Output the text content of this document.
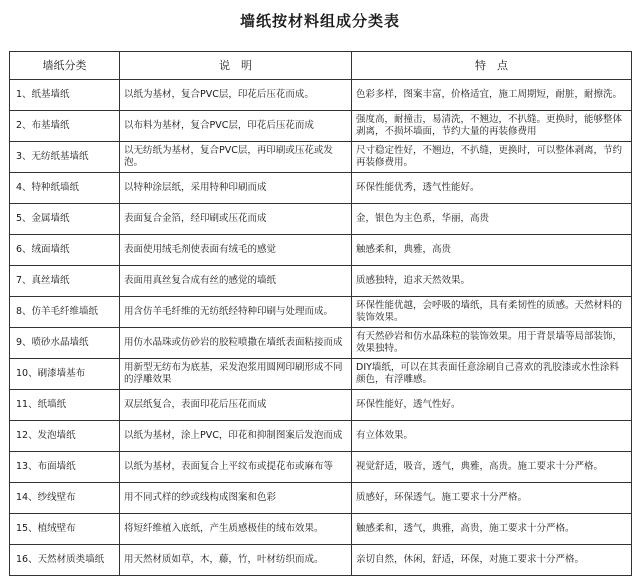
墙纸按材料组成分类表
墙纸分类	说　明	特　点
1、纸基墙纸	以纸为基材，复合PVC层，印花后压花而成。	色彩多样，图案丰富，价格适宜，施工周期短，耐脏，耐擦洗。
2、布基墙纸	以布料为基材，复合PVC层，印花后压花而成	强度高，耐撞击，易清洗，不翘边，不扒缝。更换时，能够整体剥离，不损坏墙面，节约大量的再装修费用
3、无纺纸基墙纸	以无纺纸为基材，复合PVC层，再印刷或压花或发泡。	尺寸稳定性好，不翘边，不扒缝，更换时，可以整体剥离，节约再装修费用。
4、特种纸墙纸	以特种涂层纸，采用特种印刷而成	环保性能优秀，透气性能好。
5、金属墙纸	表面复合金箔，经印刷或压花而成	金，银色为主色系，华丽，高贵
6、绒面墙纸	表面使用绒毛剂使表面有绒毛的感觉	触感柔和，典雅，高贵
7、真丝墙纸	表面用真丝复合成有丝的感觉的墙纸	质感独特，追求天然效果。
8、仿羊毛纤维墙纸	用含仿羊毛纤维的无纺纸经特种印刷与处理而成。	环保性能优越，会呼吸的墙纸，具有柔韧性的质感。天然材料的装饰效果。
9、喷砂水晶墙纸	用仿水晶珠或仿砂岩的胶粒喷撒在墙纸表面粘接而成	有天然砂岩和仿水晶珠粒的装饰效果。用于背景墙等局部装饰，效果独特。
10、刷漆墙基布	用新型无纺布为底基，采发泡浆用圆网印刷形成不同的浮雕效果	DIY墙纸，可以在其表面任意涂刷自己喜欢的乳胶漆或水性涂料颜色，有浮雕感。
11、纸墙纸	双层纸复合，表面印花后压花而成	环保性能好，透气性好。
12、发泡墙纸	以纸为基材，涂上PVC，印花和抑制图案后发泡而成	有立体效果。
13、布面墙纸	以纸为基材，表面复合上平纹布或提花布或麻布等	视觉舒适，吸音，透气，典雅，高贵。施工要求十分严格。
14、纱线壁布	用不同式样的纱或线构成图案和色彩	质感好，环保透气。施工要求十分严格。
15、植绒壁布	将短纤维植入底纸，产生质感极佳的绒布效果。	触感柔和，透气，典雅，高贵，施工要求十分严格。
16、天然材质类墙纸	用天然材质如草，木，藤，竹，叶材纺织而成。	亲切自然，休闲，舒适，环保，对施工要求十分严格。
